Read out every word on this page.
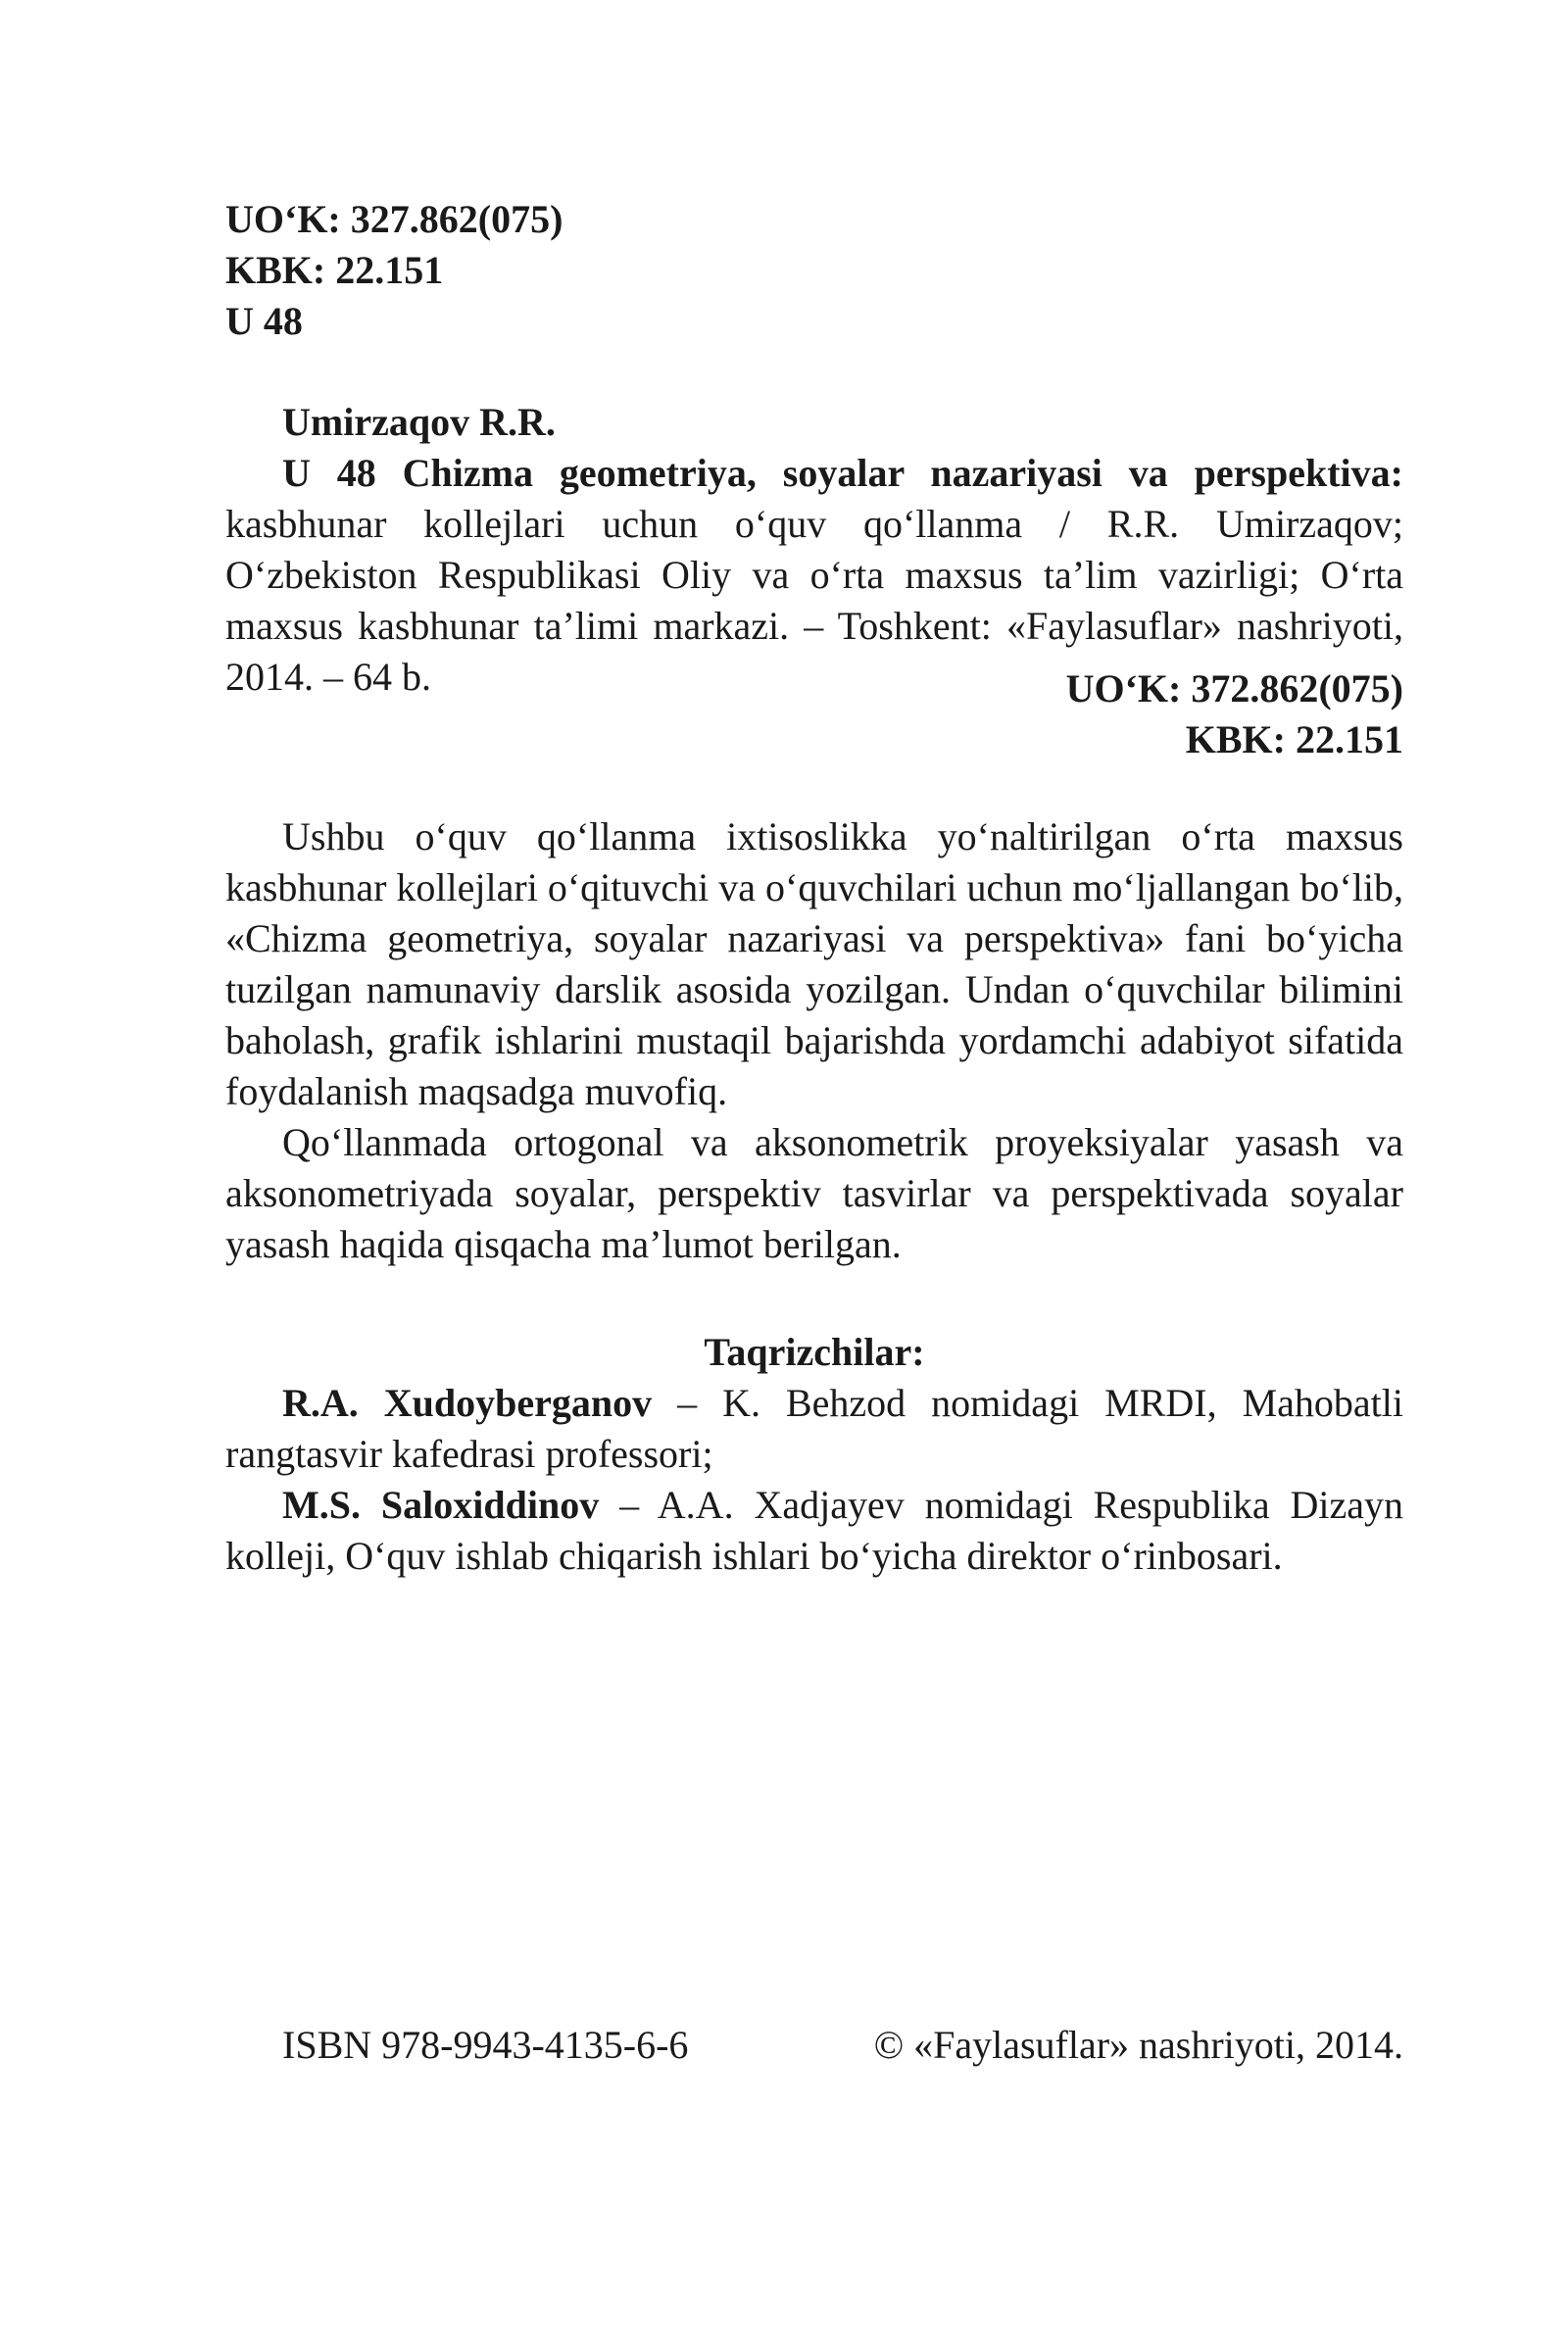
UO‘K: 327.862(075)
KBK: 22.151
U 48
Umirzaqov R.R.

U 48 Chizma geometriya, soyalar nazariyasi va perspektiva: kasbhunar kollejlari uchun o‘quv qo‘llanma / R.R. Umirzaqov; O‘zbekiston Respublikasi Oliy va o‘rta maxsus ta’lim vazirligi; O‘rta maxsus kasbhunar ta’limi markazi. – Toshkent: «Faylasuflar» nashriyoti, 2014. – 64 b.	UO‘K: 372.862(075)
KBK: 22.151

Ushbu o‘quv qo‘llanma ixtisoslikka yo‘naltirilgan o‘rta maxsus kasbhunar kollejlari o‘qituvchi va o‘quvchilari uchun mo‘ljallangan bo‘lib, «Chizma geometriya, soyalar nazariyasi va perspektiva» fani bo‘yicha tuzilgan namunaviy darslik asosida yozilgan. Undan o‘quvchilar bilimini baholash, grafik ishlarini mustaqil bajarishda yordamchi adabiyot sifatida foydalanish maqsadga muvofiq.

Qo‘llanmada ortogonal va aksonometrik proyeksiyalar yasash va aksonometriyada soyalar, perspektiv tasvirlar va perspektivada soyalar yasash haqida qisqacha ma’lumot berilgan.

Taqrizchilar:

R.A. Xudoyberganov – K. Behzod nomidagi MRDI, Mahobatli rangtasvir kafedrasi professori;

M.S. Saloxiddinov – A.A. Xadjayev nomidagi Respublika Dizayn kolleji, O‘quv ishlab chiqarish ishlari bo‘yicha direktor o‘rinbosari.

ISBN 978-9943-4135-6-6	© «Faylasuflar» nashriyoti, 2014.
